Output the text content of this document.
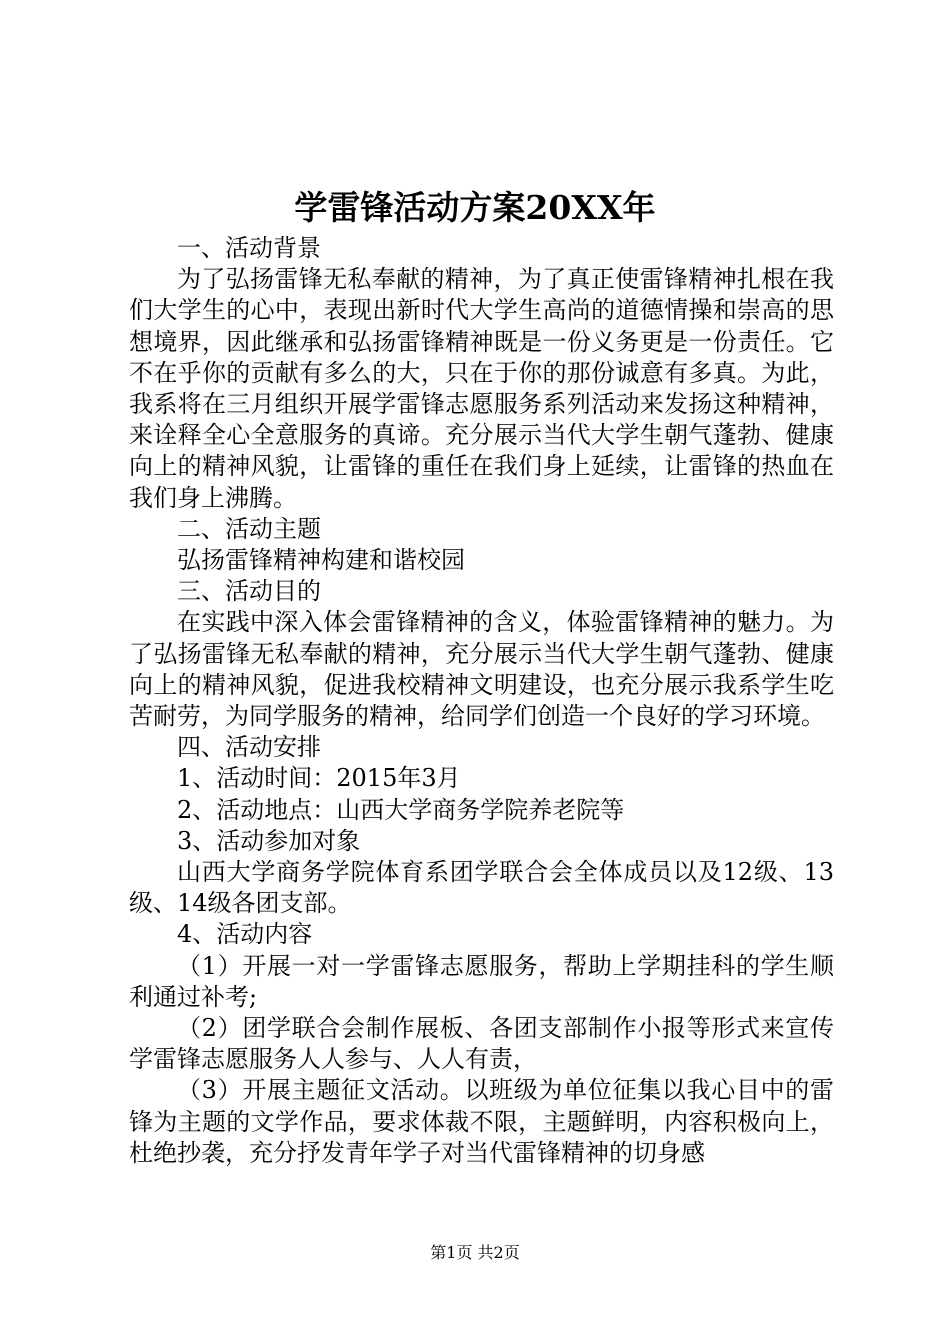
学雷锋活动方案20XX年

一、活动背景

为了弘扬雷锋无私奉献的精神，为了真正使雷锋精神扎根在我们大学生的心中，表现出新时代大学生高尚的道德情操和崇高的思想境界，因此继承和弘扬雷锋精神既是一份义务更是一份责任。它不在乎你的贡献有多么的大，只在于你的那份诚意有多真。为此，我系将在三月组织开展学雷锋志愿服务系列活动来发扬这种精神，来诠释全心全意服务的真谛。充分展示当代大学生朝气蓬勃、健康向上的精神风貌，让雷锋的重任在我们身上延续，让雷锋的热血在我们身上沸腾。

二、活动主题

弘扬雷锋精神构建和谐校园

三、活动目的

在实践中深入体会雷锋精神的含义，体验雷锋精神的魅力。为了弘扬雷锋无私奉献的精神，充分展示当代大学生朝气蓬勃、健康向上的精神风貌，促进我校精神文明建设，也充分展示我系学生吃苦耐劳，为同学服务的精神，给同学们创造一个良好的学习环境。

四、活动安排

1、活动时间：2015年3月

2、活动地点：山西大学商务学院养老院等

3、活动参加对象

山西大学商务学院体育系团学联合会全体成员以及12级、13级、14级各团支部。

4、活动内容

（1）开展一对一学雷锋志愿服务，帮助上学期挂科的学生顺利通过补考;

（2）团学联合会制作展板、各团支部制作小报等形式来宣传学雷锋志愿服务人人参与、人人有责，

（3）开展主题征文活动。以班级为单位征集以我心目中的雷锋为主题的文学作品，要求体裁不限，主题鲜明，内容积极向上，杜绝抄袭，充分抒发青年学子对当代雷锋精神的切身感

第1页 共2页
